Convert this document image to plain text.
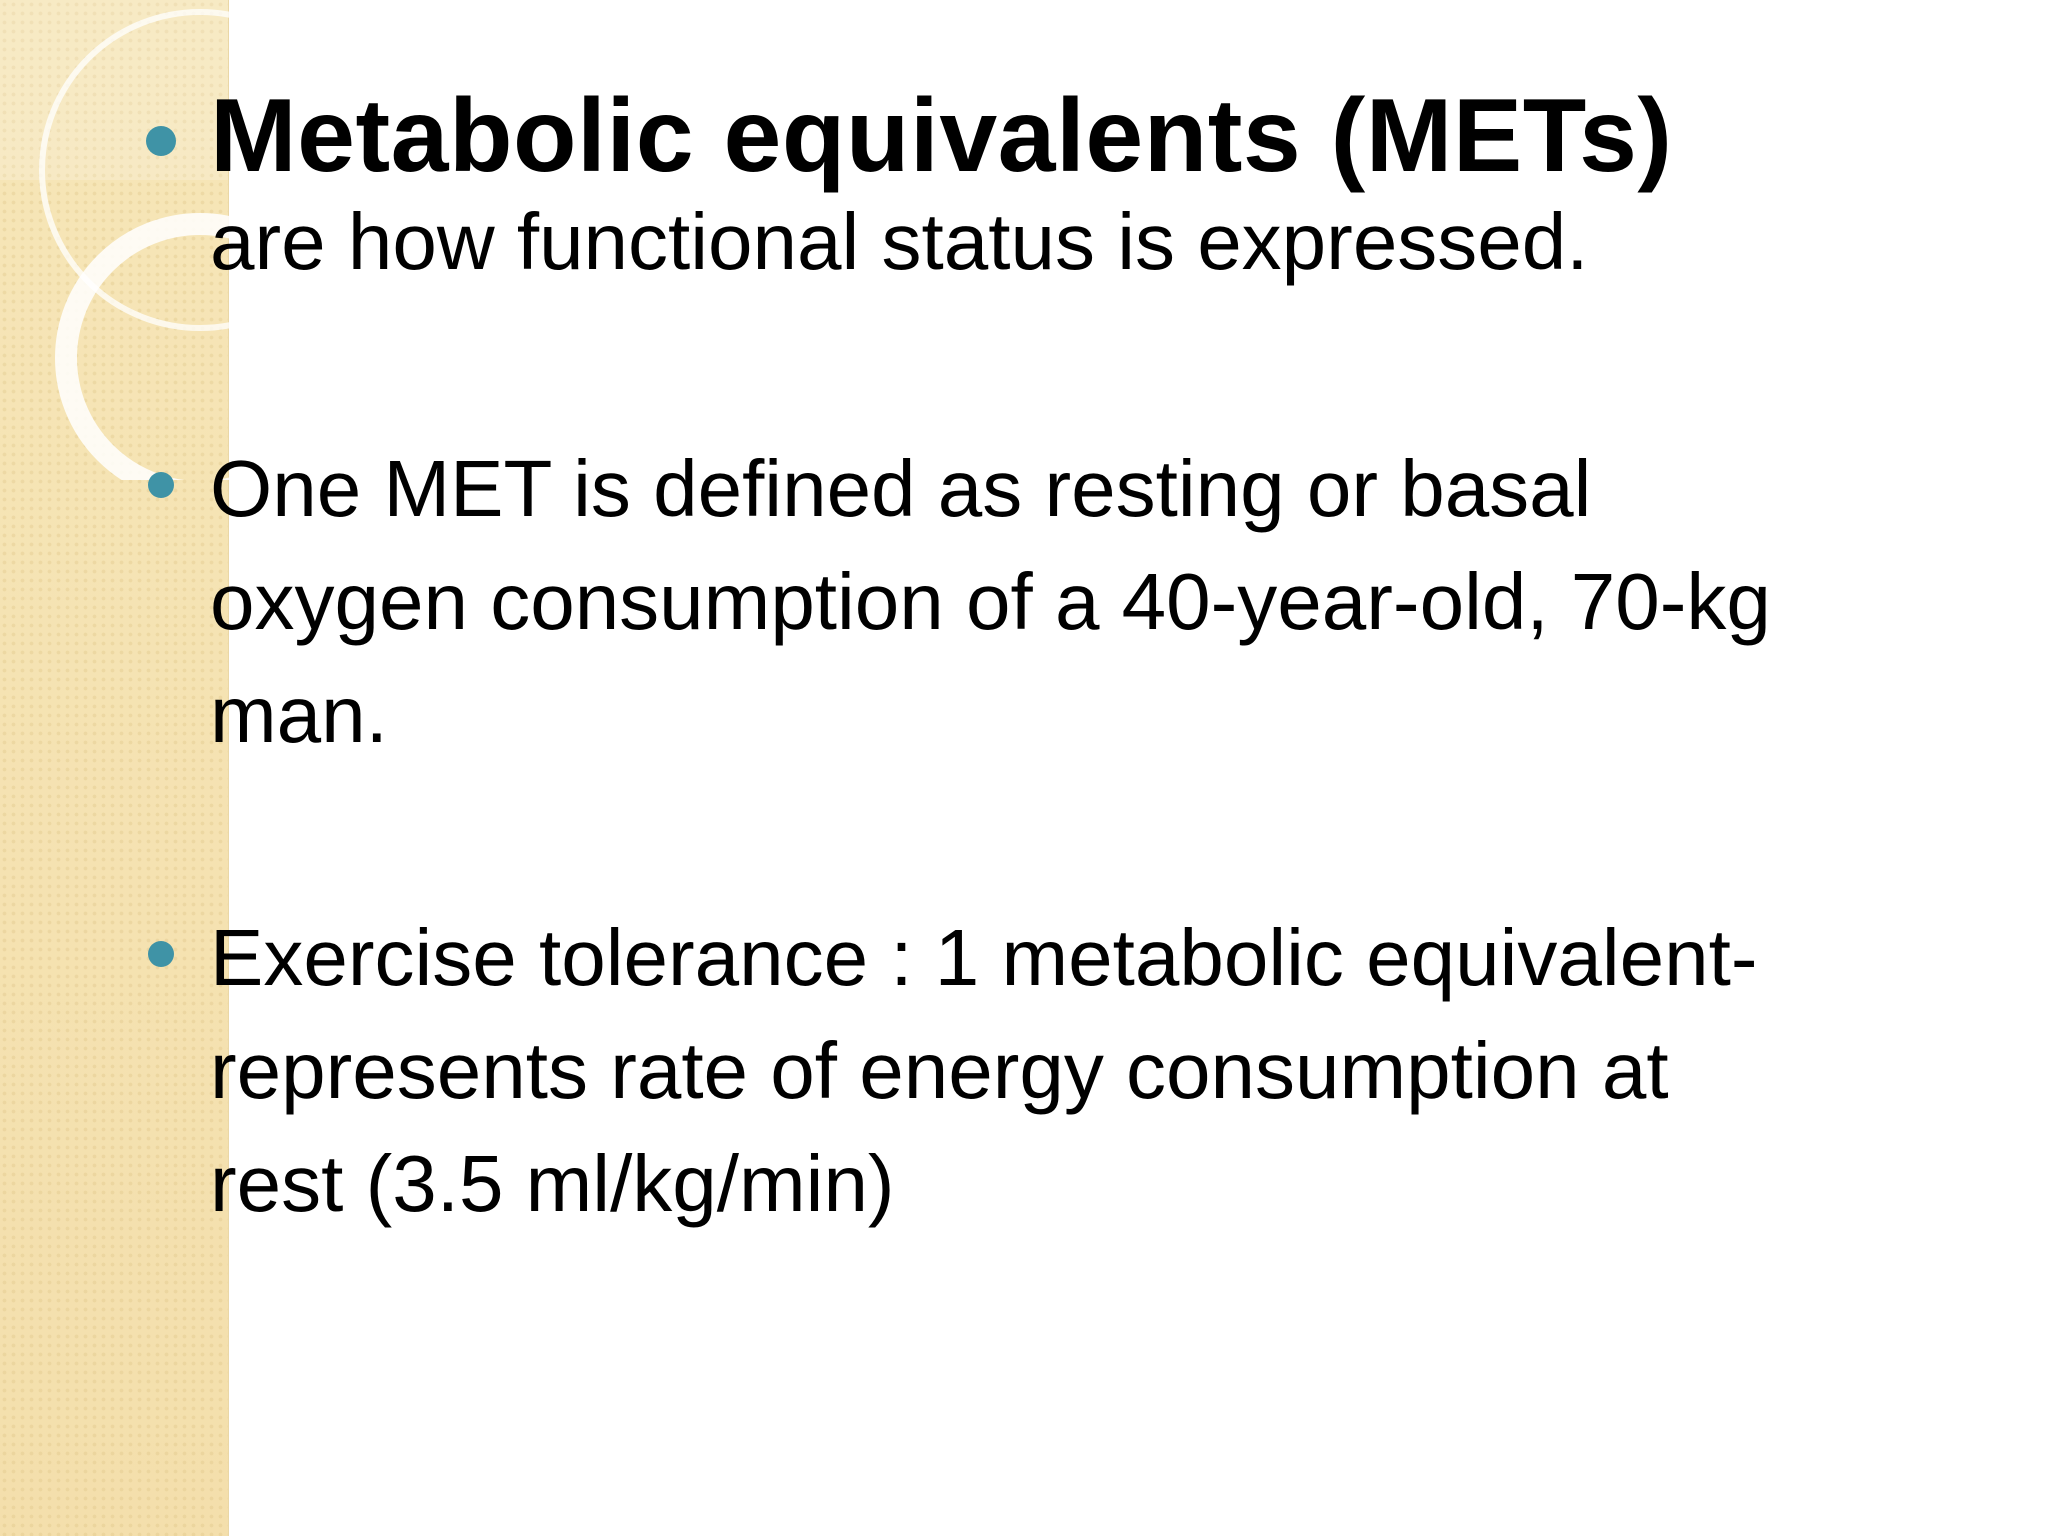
Metabolic equivalents (METs)
are how functional status is expressed.
One MET is defined as resting or basal oxygen consumption of a 40-year-old, 70-kg man.
Exercise tolerance : 1 metabolic equivalent-represents rate of energy consumption at rest (3.5 ml/kg/min)
